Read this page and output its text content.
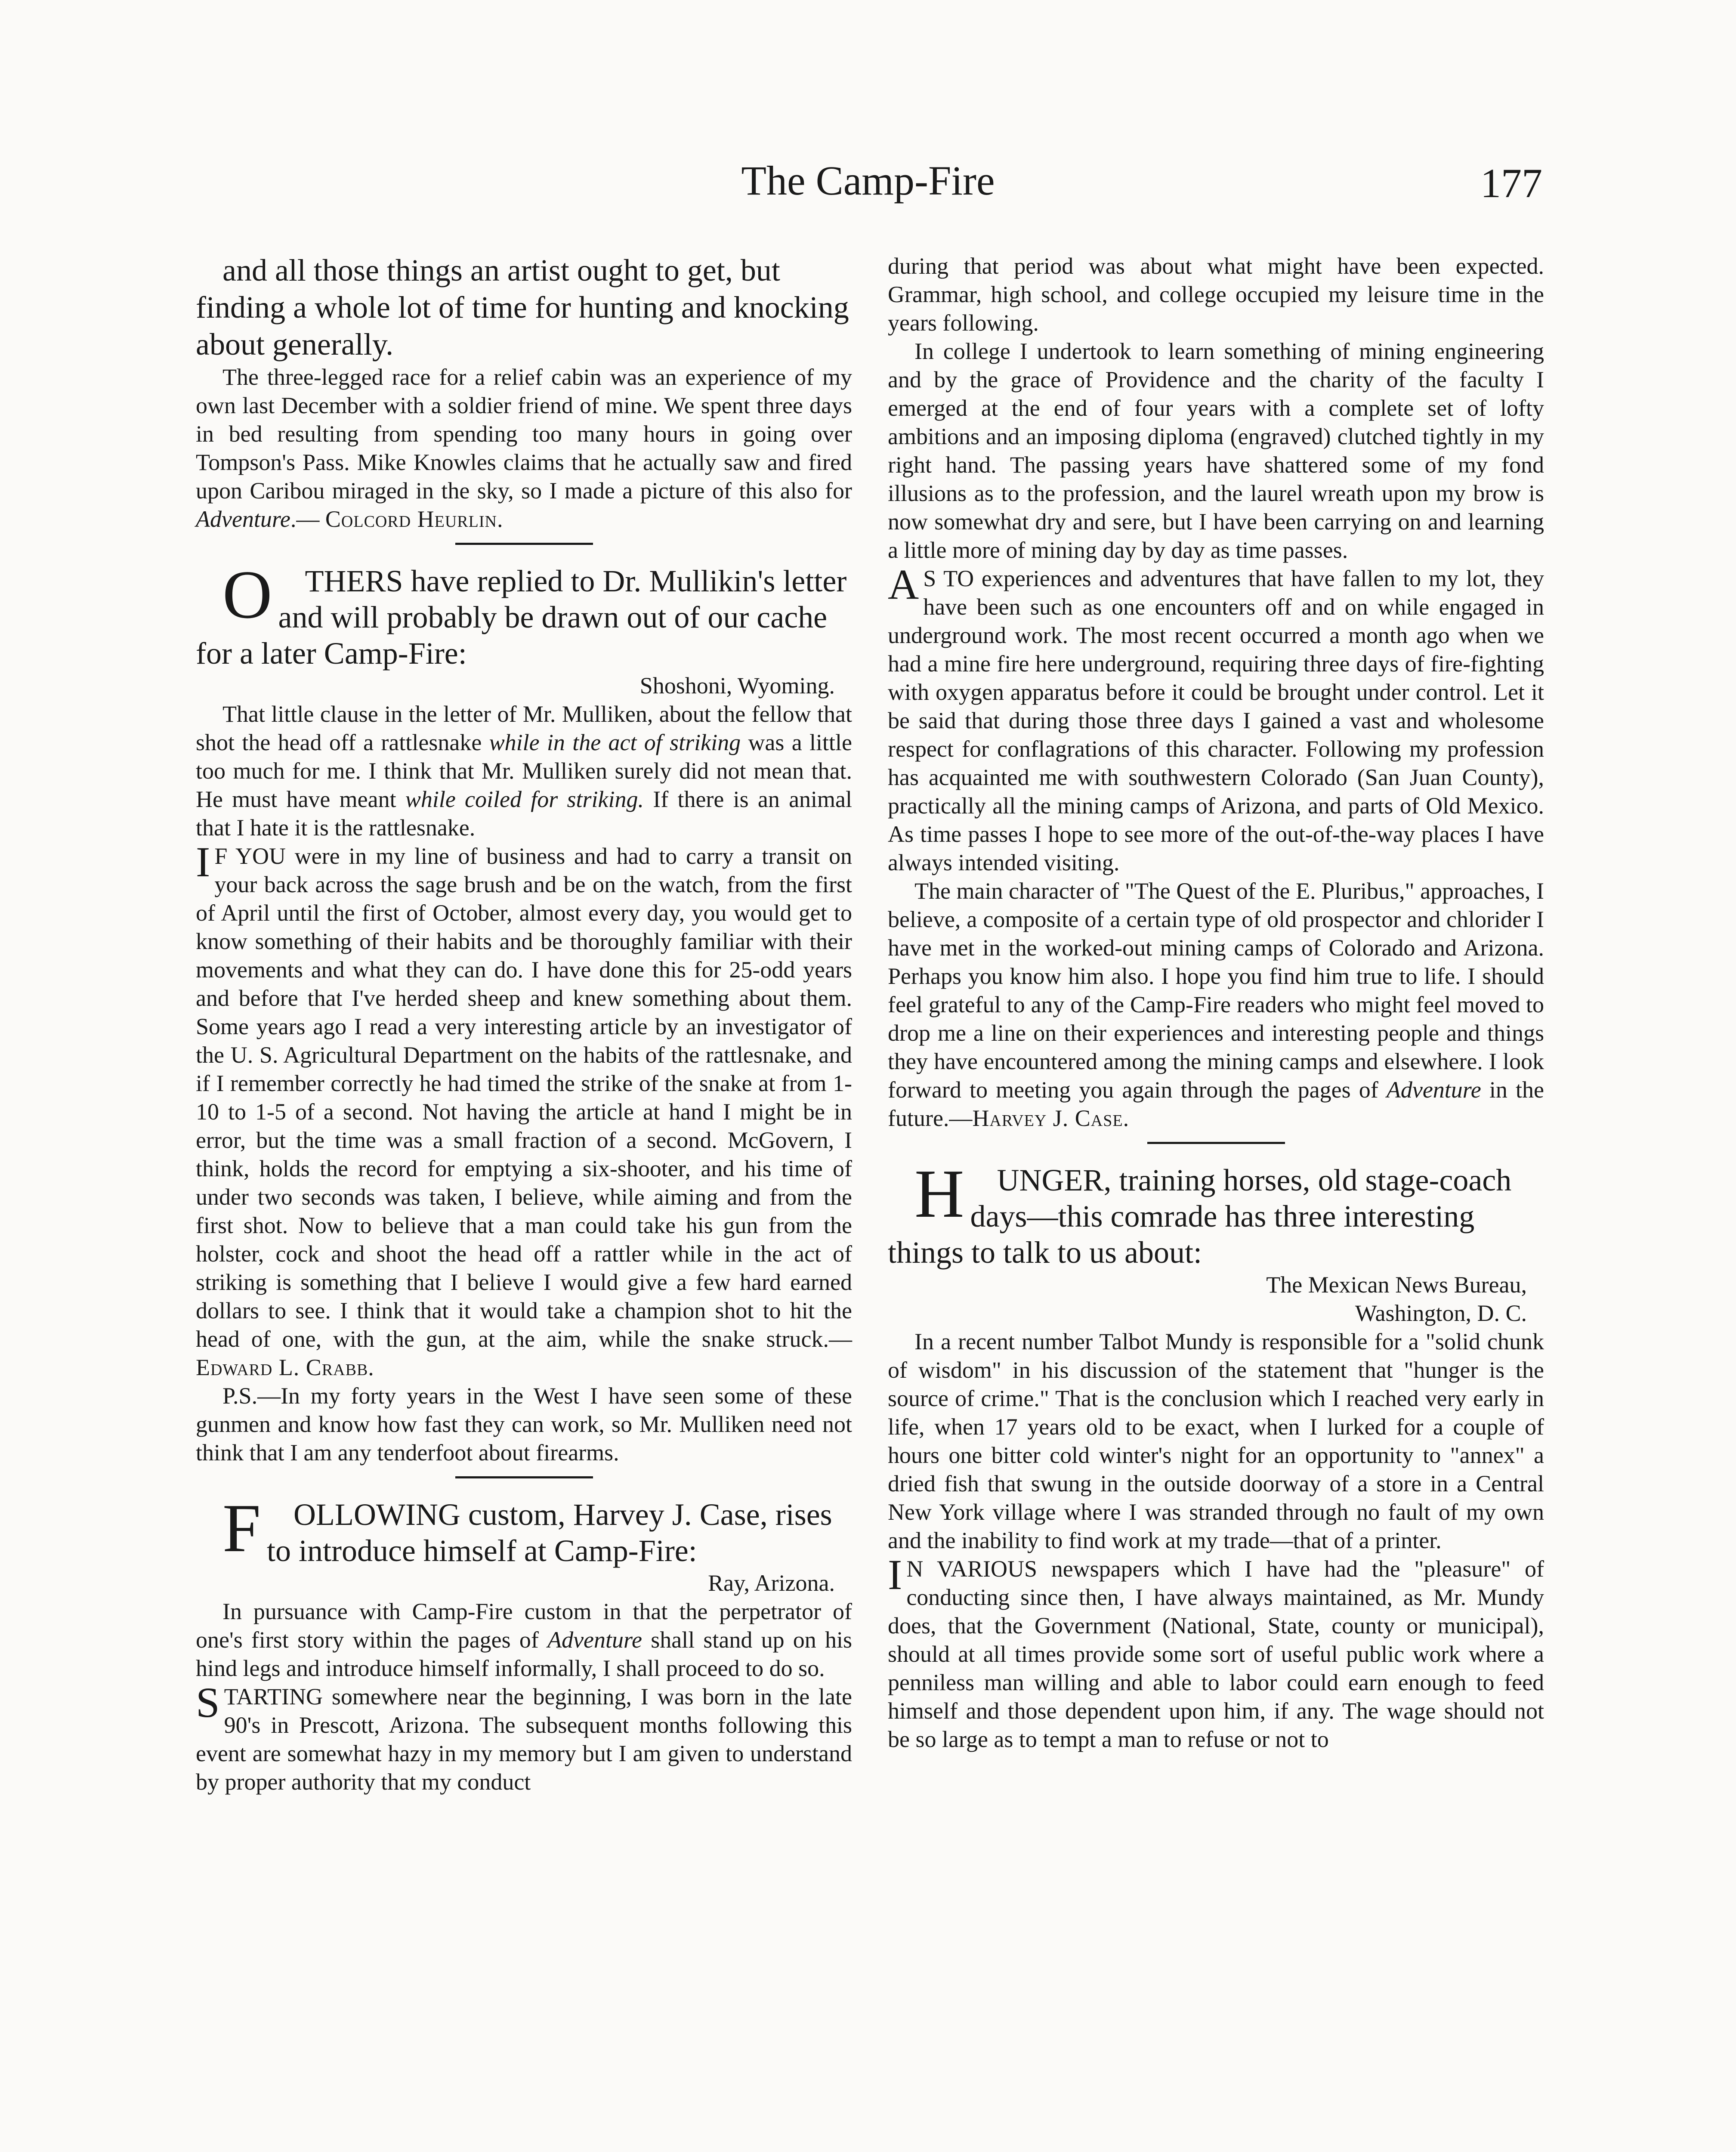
The Camp-Fire	177

and all those things an artist ought to get, but finding a whole lot of time for hunting and knocking about generally.

The three-legged race for a relief cabin was an experience of my own last December with a soldier friend of mine. We spent three days in bed resulting from spending too many hours in going over Tompson's Pass. Mike Knowles claims that he actually saw and fired upon Caribou miraged in the sky, so I made a picture of this also for Adventure.— Colcord Heurlin.

O THERS have replied to Dr. Mullikin's letter and will probably be drawn out of our cache for a later Camp-Fire:

Shoshoni, Wyoming.

That little clause in the letter of Mr. Mulliken, about the fellow that shot the head off a rattlesnake while in the act of striking was a little too much for me. I think that Mr. Mulliken surely did not mean that. He must have meant while coiled for striking. If there is an animal that I hate it is the rattlesnake.

I F YOU were in my line of business and had to carry a transit on your back across the sage brush and be on the watch, from the first of April until the first of October, almost every day, you would get to know something of their habits and be thoroughly familiar with their movements and what they can do. I have done this for 25-odd years and before that I've herded sheep and knew something about them. Some years ago I read a very interesting article by an investigator of the U. S. Agricultural Department on the habits of the rattlesnake, and if I remember correctly he had timed the strike of the snake at from 1-10 to 1-5 of a second. Not having the article at hand I might be in error, but the time was a small fraction of a second. McGovern, I think, holds the record for emptying a six-shooter, and his time of under two seconds was taken, I believe, while aiming and from the first shot. Now to believe that a man could take his gun from the holster, cock and shoot the head off a rattler while in the act of striking is something that I believe I would give a few hard earned dollars to see. I think that it would take a champion shot to hit the head of one, with the gun, at the aim, while the snake struck.—Edward L. Crabb.

P.S.—In my forty years in the West I have seen some of these gunmen and know how fast they can work, so Mr. Mulliken need not think that I am any tenderfoot about firearms.

F OLLOWING custom, Harvey J. Case, rises to introduce himself at Camp-Fire:

Ray, Arizona.

In pursuance with Camp-Fire custom in that the perpetrator of one's first story within the pages of Adventure shall stand up on his hind legs and introduce himself informally, I shall proceed to do so.

STARTING somewhere near the beginning, I was born in the late 90's in Prescott, Arizona. The subsequent months following this event are somewhat hazy in my memory but I am given to understand by proper authority that my conduct

during that period was about what might have been expected. Grammar, high school, and college occupied my leisure time in the years following.

In college I undertook to learn something of mining engineering and by the grace of Providence and the charity of the faculty I emerged at the end of four years with a complete set of lofty ambitions and an imposing diploma (engraved) clutched tightly in my right hand. The passing years have shattered some of my fond illusions as to the profession, and the laurel wreath upon my brow is now somewhat dry and sere, but I have been carrying on and learning a little more of mining day by day as time passes.

A S TO experiences and adventures that have fallen to my lot, they have been such as one encounters off and on while engaged in underground work. The most recent occurred a month ago when we had a mine fire here underground, requiring three days of fire-fighting with oxygen apparatus before it could be brought under control. Let it be said that during those three days I gained a vast and wholesome respect for conflagrations of this character. Following my profession has acquainted me with southwestern Colorado (San Juan County), practically all the mining camps of Arizona, and parts of Old Mexico. As time passes I hope to see more of the out-of-the-way places I have always intended visiting.

The main character of "The Quest of the E. Pluribus," approaches, I believe, a composite of a certain type of old prospector and chlorider I have met in the worked-out mining camps of Colorado and Arizona. Perhaps you know him also. I hope you find him true to life. I should feel grateful to any of the Camp-Fire readers who might feel moved to drop me a line on their experiences and interesting people and things they have encountered among the mining camps and elsewhere. I look forward to meeting you again through the pages of Adventure in the future.—Harvey J. Case.

H UNGER, training horses, old stage-coach days—this comrade has three interesting things to talk to us about:

The Mexican News Bureau,

Washington, D. C.

In a recent number Talbot Mundy is responsible for a "solid chunk of wisdom" in his discussion of the statement that "hunger is the source of crime." That is the conclusion which I reached very early in life, when 17 years old to be exact, when I lurked for a couple of hours one bitter cold winter's night for an opportunity to "annex" a dried fish that swung in the outside doorway of a store in a Central New York village where I was stranded through no fault of my own and the inability to find work at my trade—that of a printer.

I N VARIOUS newspapers which I have had the "pleasure" of conducting since then, I have always maintained, as Mr. Mundy does, that the Government (National, State, county or municipal), should at all times provide some sort of useful public work where a penniless man willing and able to labor could earn enough to feed himself and those dependent upon him, if any. The wage should not be so large as to tempt a man to refuse or not to
